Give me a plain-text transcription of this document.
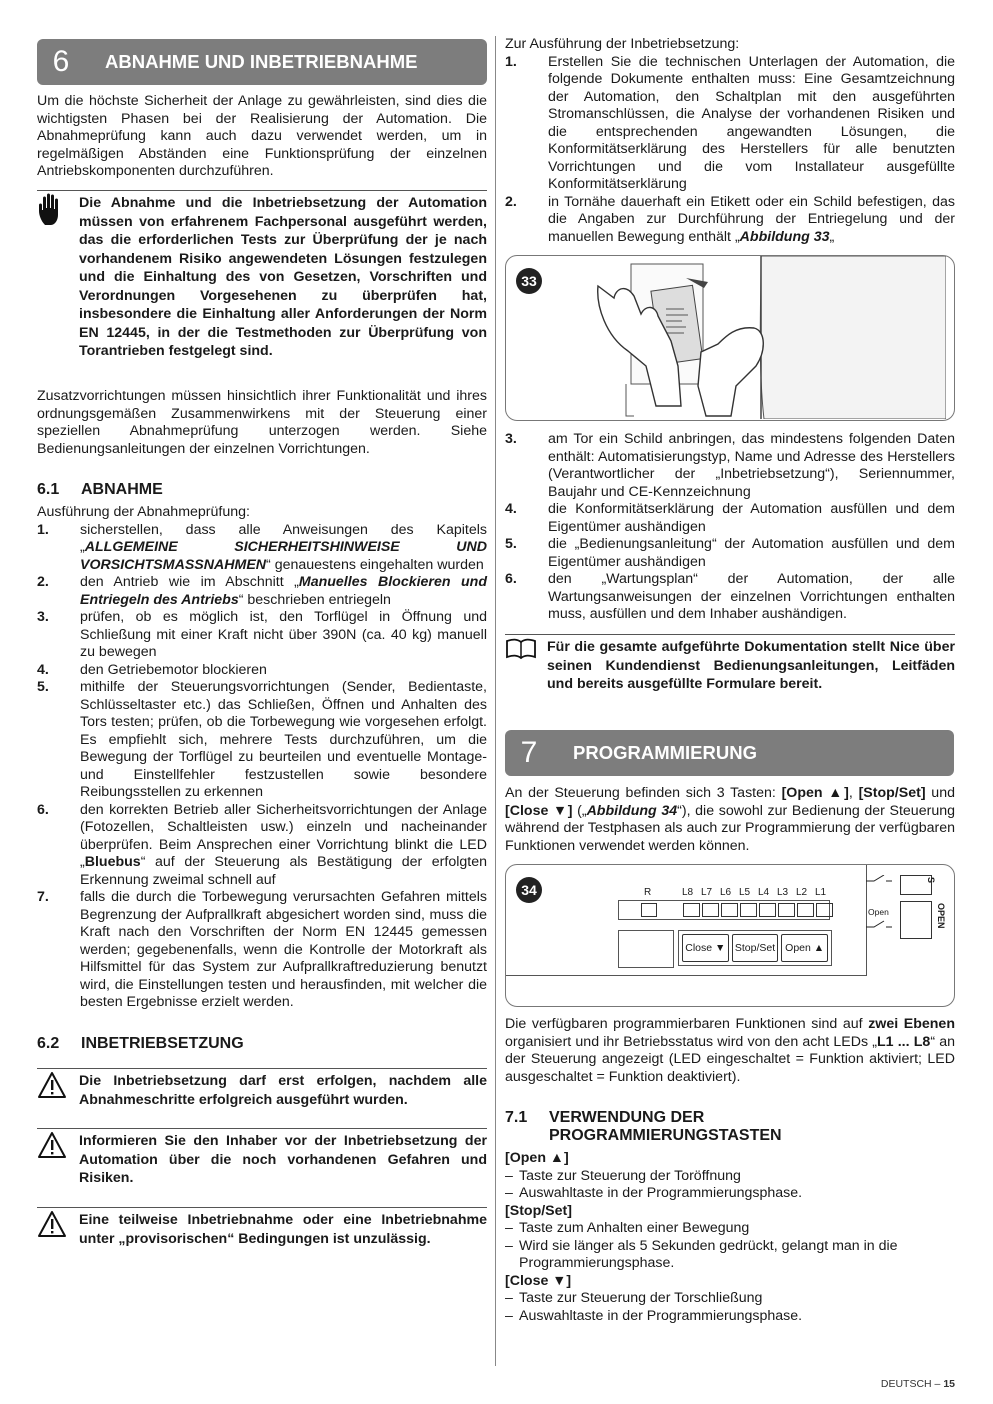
6	ABNAHME UND INBETRIEBNAHME

Um die höchste Sicherheit der Anlage zu gewährleisten, sind dies die wichtigsten Phasen bei der Realisierung der Automation. Die Abnahmeprüfung kann auch dazu verwendet werden, um in regelmäßigen Abständen eine Funktionsprüfung der einzelnen Antriebskomponenten durchzuführen.

Die Abnahme und die Inbetriebsetzung der Automation müssen von erfahrenem Fachpersonal ausgeführt werden, das die erforderlichen Tests zur Überprüfung der je nach vorhandenem Risiko angewendeten Lösungen festzulegen und die Einhaltung des von Gesetzen, Vorschriften und Verordnungen Vorgesehenen zu überprüfen hat, insbesondere die Einhaltung aller Anforderungen der Norm EN 12445, in der die Testmethoden zur Überprüfung von Torantrieben festgelegt sind.

Zusatzvorrichtungen müssen hinsichtlich ihrer Funktionalität und ihres ordnungsgemäßen Zusammenwirkens mit der Steuerung einer speziellen Abnahmeprüfung unterzogen werden. Siehe Bedienungsanleitungen der einzelnen Vorrichtungen.

6.1	ABNAHME

Ausführung der Abnahmeprüfung:

1. sicherstellen, dass alle Anweisungen des Kapitels „ALLGEMEINE SICHERHEITSHINWEISE UND VORSICHTSMASSNAHMEN“ genauestens eingehalten wurden
2. den Antrieb wie im Abschnitt „Manuelles Blockieren und Entriegeln des Antriebs“ beschrieben entriegeln
3. prüfen, ob es möglich ist, den Torflügel in Öffnung und Schließung mit einer Kraft nicht über 390N (ca. 40 kg) manuell zu bewegen
4. den Getriebemotor blockieren
5. mithilfe der Steuerungsvorrichtungen (Sender, Bedientaste, Schlüsseltaster etc.) das Schließen, Öffnen und Anhalten des Tors testen; prüfen, ob die Torbewegung wie vorgesehen erfolgt. Es empfiehlt sich, mehrere Tests durchzuführen, um die Bewegung der Torflügel zu beurteilen und eventuelle Montage- und Einstellfehler festzustellen sowie besondere Reibungsstellen zu erkennen
6. den korrekten Betrieb aller Sicherheitsvorrichtungen der Anlage (Fotozellen, Schaltleisten usw.) einzeln und nacheinander überprüfen. Beim Ansprechen einer Vorrichtung blinkt die LED „Bluebus“ auf der Steuerung als Bestätigung der erfolgten Erkennung zweimal schnell auf
7. falls die durch die Torbewegung verursachten Gefahren mittels Begrenzung der Aufprallkraft abgesichert worden sind, muss die Kraft nach den Vorschriften der Norm EN 12445 gemessen werden; gegebenenfalls, wenn die Kontrolle der Motorkraft als Hilfsmittel für das System zur Aufprallkraftreduzierung benutzt wird, die Einstellungen testen und herausfinden, mit welcher die besten Ergebnisse erzielt werden.
6.2	INBETRIEBSETZUNG
Die Inbetriebsetzung darf erst erfolgen, nachdem alle Abnahmeschritte erfolgreich ausgeführt wurden.
Informieren Sie den Inhaber vor der Inbetriebsetzung der Automation über die noch vorhandenen Gefahren und Risiken.
Eine teilweise Inbetriebnahme oder eine Inbetriebnahme unter „provisorischen“ Bedingungen ist unzulässig.

Zur Ausführung der Inbetriebsetzung:

1. Erstellen Sie die technischen Unterlagen der Automation, die folgende Dokumente enthalten muss: Eine Gesamtzeichnung der Automation, den Schaltplan mit den ausgeführten Stromanschlüssen, die Analyse der vorhandenen Risiken und die entsprechenden angewandten Lösungen, die Konformitätserklärung des Herstellers für alle benutzten Vorrichtungen und die vom Installateur ausgefüllte Konformitätserklärung
2. in Tornähe dauerhaft ein Etikett oder ein Schild befestigen, das die Angaben zur Durchführung der Entriegelung und der manuellen Bewegung enthält „Abbildung 33„
33
3. am Tor ein Schild anbringen, das mindestens folgenden Daten enthält: Automatisierungstyp, Name und Adresse des Herstellers (Verantwortlicher der „Inbetriebsetzung“), Seriennummer, Baujahr und CE-Kennzeichnung
4. die Konformitätserklärung der Automation ausfüllen und dem Eigentümer aushändigen
5. die „Bedienungsanleitung“ der Automation ausfüllen und dem Eigentümer aushändigen
6. den „Wartungsplan“ der Automation, der alle Wartungsanweisungen der einzelnen Vorrichtungen enthalten muss, ausfüllen und dem Inhaber aushändigen.
Für die gesamte aufgeführte Dokumentation stellt Nice über seinen Kundendienst Bedienungsanleitungen, Leitfäden und bereits ausgefüllte Formulare bereit.
7	PROGRAMMIERUNG

An der Steuerung befinden sich 3 Tasten: [Open ▲], [Stop/Set] und [Close ▼] („Abbildung 34“), die sowohl zur Bedienung der Steuerung während der Testphasen als auch zur Programmierung der verfügbaren Funktionen verwendet werden können.

34	R	L8 L7 L6 L5 L4 L3 L2 L1
Close ▼ Stop/Set Open ▲
Open
S
OPEN

Die verfügbaren programmierbaren Funktionen sind auf zwei Ebenen organisiert und ihr Betriebsstatus wird von den acht LEDs „L1 ... L8“ an der Steuerung angezeigt (LED eingeschaltet = Funktion aktiviert; LED ausgeschaltet = Funktion deaktiviert).

7.1	VERWENDUNG DER PROGRAMMIERUNGSTASTEN
[Open ▲]
– Taste zur Steuerung der Toröffnung
– Auswahltaste in der Programmierungsphase.
[Stop/Set]
– Taste zum Anhalten einer Bewegung
– Wird sie länger als 5 Sekunden gedrückt, gelangt man in die Programmierungsphase.
[Close ▼]
– Taste zur Steuerung der Torschließung
– Auswahltaste in der Programmierungsphase.
DEUTSCH – 15
